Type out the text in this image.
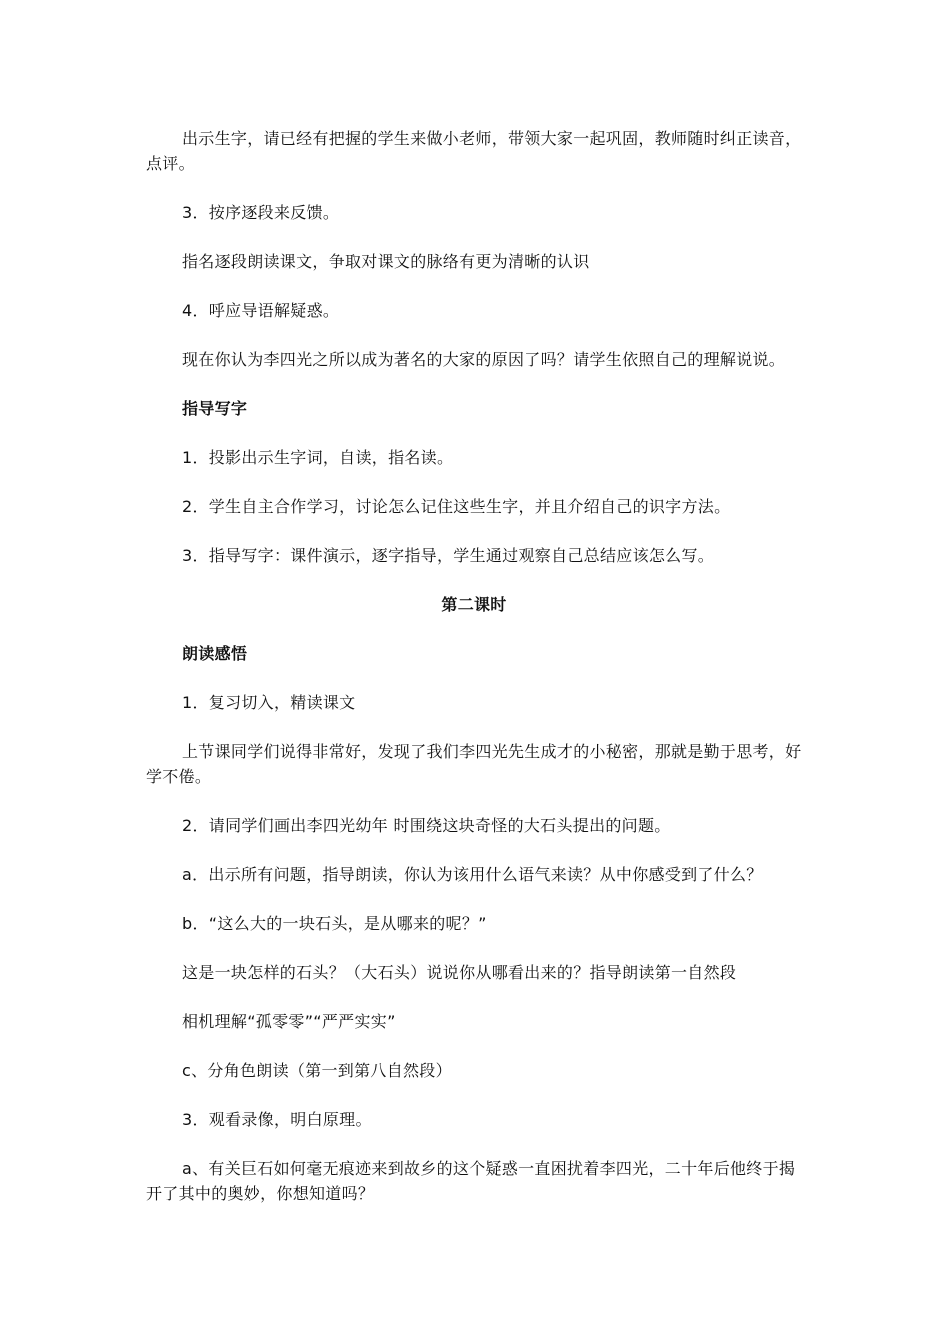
出示生字，请已经有把握的学生来做小老师，带领大家一起巩固，教师随时纠正读音，点评。

3．按序逐段来反馈。

指名逐段朗读课文，争取对课文的脉络有更为清晰的认识

4．呼应导语解疑惑。

现在你认为李四光之所以成为著名的大家的原因了吗？请学生依照自己的理解说说。

指导写字

1．投影出示生字词，自读，指名读。

2．学生自主合作学习，讨论怎么记住这些生字，并且介绍自己的识字方法。

3．指导写字：课件演示，逐字指导，学生通过观察自己总结应该怎么写。

第二课时

朗读感悟

1．复习切入，精读课文

上节课同学们说得非常好，发现了我们李四光先生成才的小秘密，那就是勤于思考，好学不倦。

2．请同学们画出李四光幼年 时围绕这块奇怪的大石头提出的问题。

a．出示所有问题，指导朗读，你认为该用什么语气来读？从中你感受到了什么？

b．“这么大的一块石头，是从哪来的呢？”

这是一块怎样的石头？（大石头）说说你从哪看出来的？指导朗读第一自然段

相机理解“孤零零”“严严实实”

c、分角色朗读（第一到第八自然段）

3．观看录像，明白原理。

a、有关巨石如何毫无痕迹来到故乡的这个疑惑一直困扰着李四光，二十年后他终于揭开了其中的奥妙，你想知道吗？
